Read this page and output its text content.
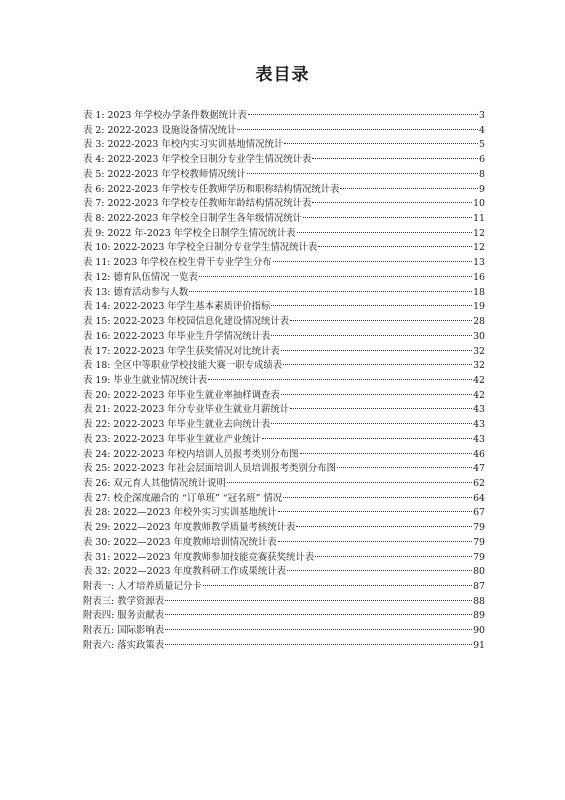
表目录
表 1: 2023 年学校办学条件数据统计表	3
表 2: 2022-2023 设施设备情况统计	4
表 3: 2022-2023 年校内实习实训基地情况统计	5
表 4: 2022-2023 年学校全日制分专业学生情况统计表	6
表 5: 2022-2023 年学校教师情况统计	8
表 6: 2022-2023 年学校专任教师学历和职称结构情况统计表	9
表 7: 2022-2023 年学校专任教师年龄结构情况统计表	10
表 8: 2022-2023 年学校全日制学生各年级情况统计	11
表 9: 2022 年-2023 年学校全日制学生情况统计表	12
表 10: 2022-2023 年学校全日制分专业学生情况统计表	12
表 11: 2023 年学校在校生骨干专业学生分布	13
表 12: 德育队伍情况一览表	16
表 13: 德育活动参与人数	18
表 14: 2022-2023 年学生基本素质评价指标	19
表 15: 2022-2023 年校园信息化建设情况统计表	28
表 16: 2022-2023 年毕业生升学情况统计表	30
表 17: 2022-2023 年学生获奖情况对比统计表	32
表 18: 全区中等职业学校技能大赛一职专成绩表	32
表 19: 毕业生就业情况统计表	42
表 20: 2022-2023 年毕业生就业率抽样调查表	42
表 21: 2022-2023 年分专业毕业生就业月薪统计	43
表 22: 2022-2023 年毕业生就业去向统计表	43
表 23: 2022-2023 年毕业生就业产业统计	43
表 24: 2022-2023 年校内培训人员报考类别分布图	46
表 25: 2022-2023 年社会层面培训人员培训报考类别分布图	47
表 26: 双元育人其他情况统计说明	62
表 27: 校企深度融合的 “订单班” “冠名班” 情况	64
表 28: 2022—2023 年校外实习实训基地统计	67
表 29: 2022—2023 年度教师教学质量考核统计表	79
表 30: 2022—2023 年度教师培训情况统计表	79
表 31: 2022—2023 年度教师参加技能竞赛获奖统计表	79
表 32: 2022—2023 年度教科研工作成果统计表	80
附表一: 人才培养质量记分卡	87
附表三: 教学资源表	88
附表四: 服务贡献表	89
附表五: 国际影响表	90
附表六: 落实政策表	91
